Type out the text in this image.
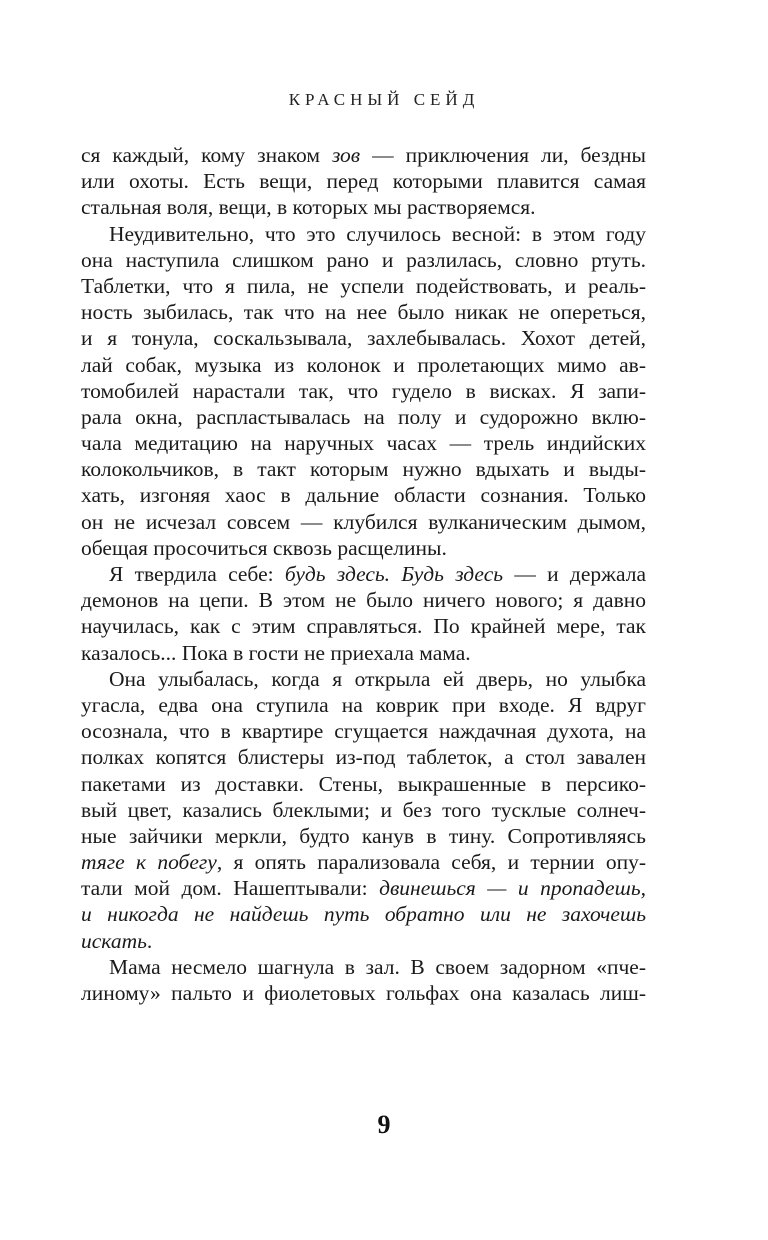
КРАСНЫЙ СЕЙД
ся каждый, кому знаком зов — приключения ли, бездны
или охоты. Есть вещи, перед которыми плавится самая
стальная воля, вещи, в которых мы растворяемся.
Неудивительно, что это случилось весной: в этом году
она наступила слишком рано и разлилась, словно ртуть.
Таблетки, что я пила, не успели подействовать, и реаль-
ность зыбилась, так что на нее было никак не опереться,
и я тонула, соскальзывала, захлебывалась. Хохот детей,
лай собак, музыка из колонок и пролетающих мимо ав-
томобилей нарастали так, что гудело в висках. Я запи-
рала окна, распластывалась на полу и судорожно вклю-
чала медитацию на наручных часах — трель индийских
колокольчиков, в такт которым нужно вдыхать и выды-
хать, изгоняя хаос в дальние области сознания. Только
он не исчезал совсем — клубился вулканическим дымом,
обещая просочиться сквозь расщелины.
Я твердила себе: будь здесь. Будь здесь — и держала
демонов на цепи. В этом не было ничего нового; я давно
научилась, как с этим справляться. По крайней мере, так
казалось... Пока в гости не приехала мама.
Она улыбалась, когда я открыла ей дверь, но улыбка
угасла, едва она ступила на коврик при входе. Я вдруг
осознала, что в квартире сгущается наждачная духота, на
полках копятся блистеры из-под таблеток, а стол завален
пакетами из доставки. Стены, выкрашенные в персико-
вый цвет, казались блеклыми; и без того тусклые солнеч-
ные зайчики меркли, будто канув в тину. Сопротивляясь
тяге к побегу, я опять парализовала себя, и тернии опу-
тали мой дом. Нашептывали: двинешься — и пропадешь,
и никогда не найдешь путь обратно или не захочешь
искать.
Мама несмело шагнула в зал. В своем задорном «пче-
линому» пальто и фиолетовых гольфах она казалась лиш-
9
